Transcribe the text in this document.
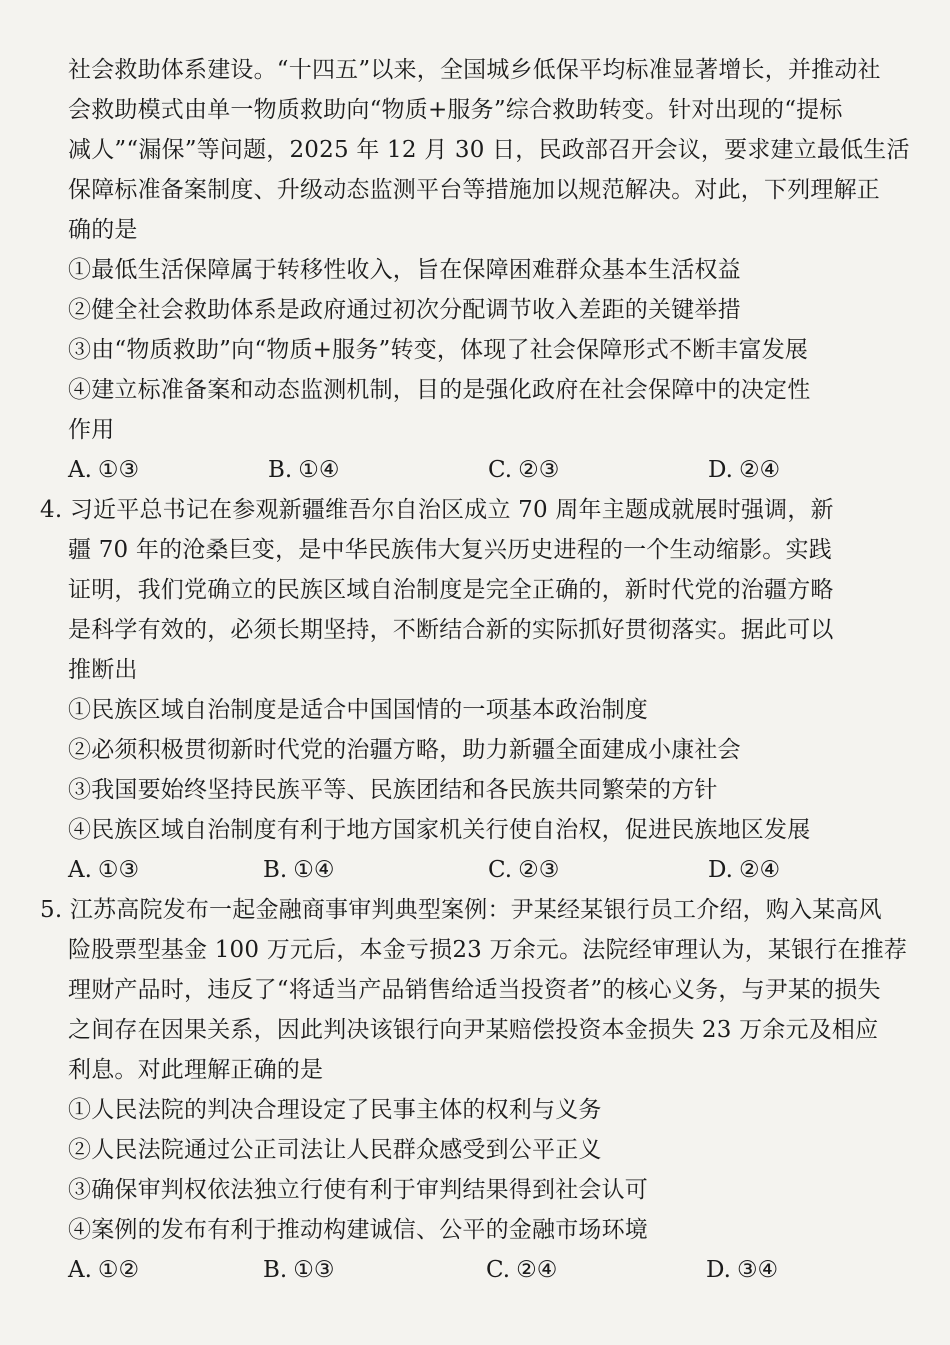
社会救助体系建设。“十四五”以来，全国城乡低保平均标准显著增长，并推动社
会救助模式由单一物质救助向“物质+服务”综合救助转变。针对出现的“提标
减人”“漏保”等问题，2025 年 12 月 30 日，民政部召开会议，要求建立最低生活
保障标准备案制度、升级动态监测平台等措施加以规范解决。对此，下列理解正
确的是
①最低生活保障属于转移性收入，旨在保障困难群众基本生活权益
②健全社会救助体系是政府通过初次分配调节收入差距的关键举措
③由“物质救助”向“物质+服务”转变，体现了社会保障形式不断丰富发展
④建立标准备案和动态监测机制，目的是强化政府在社会保障中的决定性
作用
A. ①③	B. ①④	C. ②③	D. ②④
4. 习近平总书记在参观新疆维吾尔自治区成立 70 周年主题成就展时强调，新
疆 70 年的沧桑巨变，是中华民族伟大复兴历史进程的一个生动缩影。实践
证明，我们党确立的民族区域自治制度是完全正确的，新时代党的治疆方略
是科学有效的，必须长期坚持，不断结合新的实际抓好贯彻落实。据此可以
推断出
①民族区域自治制度是适合中国国情的一项基本政治制度
②必须积极贯彻新时代党的治疆方略，助力新疆全面建成小康社会
③我国要始终坚持民族平等、民族团结和各民族共同繁荣的方针
④民族区域自治制度有利于地方国家机关行使自治权，促进民族地区发展
A. ①③	B. ①④	C. ②③	D. ②④
5. 江苏高院发布一起金融商事审判典型案例：尹某经某银行员工介绍，购入某高风
险股票型基金 100 万元后，本金亏损23 万余元。法院经审理认为，某银行在推荐
理财产品时，违反了“将适当产品销售给适当投资者”的核心义务，与尹某的损失
之间存在因果关系，因此判决该银行向尹某赔偿投资本金损失 23 万余元及相应
利息。对此理解正确的是
①人民法院的判决合理设定了民事主体的权利与义务
②人民法院通过公正司法让人民群众感受到公平正义
③确保审判权依法独立行使有利于审判结果得到社会认可
④案例的发布有利于推动构建诚信、公平的金融市场环境
A. ①②	B. ①③	C. ②④	D. ③④
